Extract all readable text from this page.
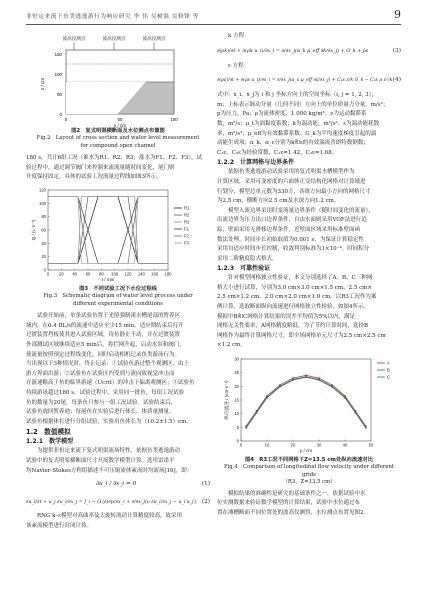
非恒定来流下鱼类逃逸游行为响应研究 李 伟 吴树强 吴修锋 等	9
波高仪测点	波高仪测点	波高仪测点
0
50
100
150
0	50	100
z / cm
y / cm

图2　复式明渠横断面及水位测点布置图

Fig.2　Layout of cross section and water level measurement

for compound open channel

180 s，共计6组工况（谁水为R1、R2、R3；涨水为F1、F2、F3）。试

验过程中，通过调节阀门来控制来流流量随时间变化，尾门则

开度保持固定。具体的试验工况流量过程线如图3所示。

0 20 40 60 80 100 120 140 160 180
0
20
40
60
80
100
120
t / min
Q / (L·s⁻¹)
R1
R2
R3
F1
F2
F3

图3　不同试验工况下水位过程线

Fig.3　Schematic diagram of water level process under

different experimental conditions

试验开始前，单条试验鱼置于光照强制渚水槽尾部的暂养区

域内，在0.4 BL/s的流速中适应至少15 min。适应期结束后打开

过渡装置挡板使其进入试验区域，待鱼静止不动，并在过渡装置

外部测试区域继续适应5 min后，将拦网升起，启动水泵和阀门，

使流量按照预定过程线变化，同时启动相机记录鱼类游泳行为。

当出现以下3种情况时，终止记录：①试验鱼游过整个观测区，由上

游方界面出游；②试验鱼在试验区内受到与流向致视觉冲击而

在游速略高于鱼的临界游速（Ucrit）的冲击下偏离观测区；③试验鱼

持续游泳超过180 s。试验过程中，采用同一批鱼，每组工况试验

鱼的数量为20尾，每条鱼只参与一组工况试验。试验结束后，

试验鱼放回暂养池；每尾鱼在实验后进行体长、体质量测量。

试验鱼根据体长进行分组试验，实验用鱼体长为（10.2±1.5）cm。

1.2　数值模拟

1.2.1　数学模型

为提供非恒定来流下复式明渠流场特性，依据鱼类逃逸游动

试验中的复式明渠横断面尺寸开展数学模型计算。选用雷诺平

均Navier-Stokes方程组描述不可压缩流体紊流时均流场[16]，即：

∂u_i / ∂x_i = 0	(1)
∂u_i/∂t + u_j ∂u_i/∂x_j = f_i − (1/ρ)∂p/∂x_i + ∂/∂x_j(ν ∂u_i/∂x_j − u_i′u_j′) (2)

RNG k–ε模型对高曲率及大旋转流动计算精度较高，故采用

该紊流模型进行封闭计算。

k 方程：

∂(ρk)/∂t + ∂(ρk u_i)/∂x_i = ∂/∂x_j(α_k μ_eff ∂k/∂x_j) + G_k + ρε	(3)

ε 方程：

∂(ρε)/∂t + ∂(ρε u_i)/∂x_i = ∂/∂x_j(α_ε μ_eff ∂ε/∂x_j) + C₁ε ε/k G_k − C₂ε ρ ε²/k (4)

式中：x_i、x_j为 i 和 j 坐标方向上的空间坐标（i, j = 1, 2, 3），

m；上标表示脉动分量（几何不同）方向上的单位质量力分量，m/s²；

p为压力，Pa；ρ为流体密度，1 000 kg/m³；ν为运动黏滞系

数，m²/s；μ_t为涡黏度系数；k为湍动能，m²/s²；ε为湍动能耗散

率，m²/s³；μ_eff为有效黏滞系数；G_k为平均速度梯度引起的湍

动能生成项；α_k、α_ε分别为k和ε的有效湍流普朗特数倒数；

C₁ε、C₂ε为经验常数，C₁ε=1.42，C₂ε=1.68。

1.2.2　计算网格与边界条件

依据鱼类逃逸游动试验采用的复式明渠水槽模型作为

计算区域，采用可变密度的六面体正交结构化网格对计算域进

行划分，模型总单元数为330万，各维方向最小方向的网格尺寸

为2.5 cm，横断方向2.5 cm及水深方向1.2 cm。

模型入流边界采用时变流量边界条件（随时间变化的流量），

出流边界为压力出口边界条件，自由水面则采用VOF法进行追

踪，壁面采用无滑移边界条件，近壁面区域采用标准壁面函

数法处理。时间步长初始取值为0.001 s，为保证计算稳定性

采用自适应时间步长控制，收敛判别标准为1×10⁻⁴。时间积分

采用二阶精度隐式格式。

1.2.3　可靠性验证

针对模型网格独立性验证，本文分别选择了A、B、C三种网

格大小进行试算，分别为3.0 cm×3.0 cm×1.5 cm、2.5 cm×

2.5 cm×1.2 cm、2.0 cm×2.0 cm×1.0 cm。以R3工况作为案

例计算，选取断面纵向流速进行网格独立性检验，如图4所示。

模拟中B和C网格计算结果的误差平均值为5%以内，满足

网格无关性要求，A网格精度略低。为了节约计算时间，选择B

网格作为最终计算网格尺寸，即全场网格单元尺寸为2.5 cm×2.5 cm

×1.2 cm。

0	10	20	30	40	50
0
5
10
15
20
25
30
y / cm
纵向流速 / (cm·s⁻¹)
A
B
C

图4　R3工况不同网格下Z=13.5 cm处纵向流速对比

Fig.4　Comparison of longitudinal flow velocity under different grids

（R3，Z=13.5 cm）

模拟结果的准确性是研究的基础条件之一，依据试验中水

位实测数据来验证数学模型的计算结果，试验中水位通过布

置在滩槽断面不同位置处的波高仪测得，水位测点布置见图2。
